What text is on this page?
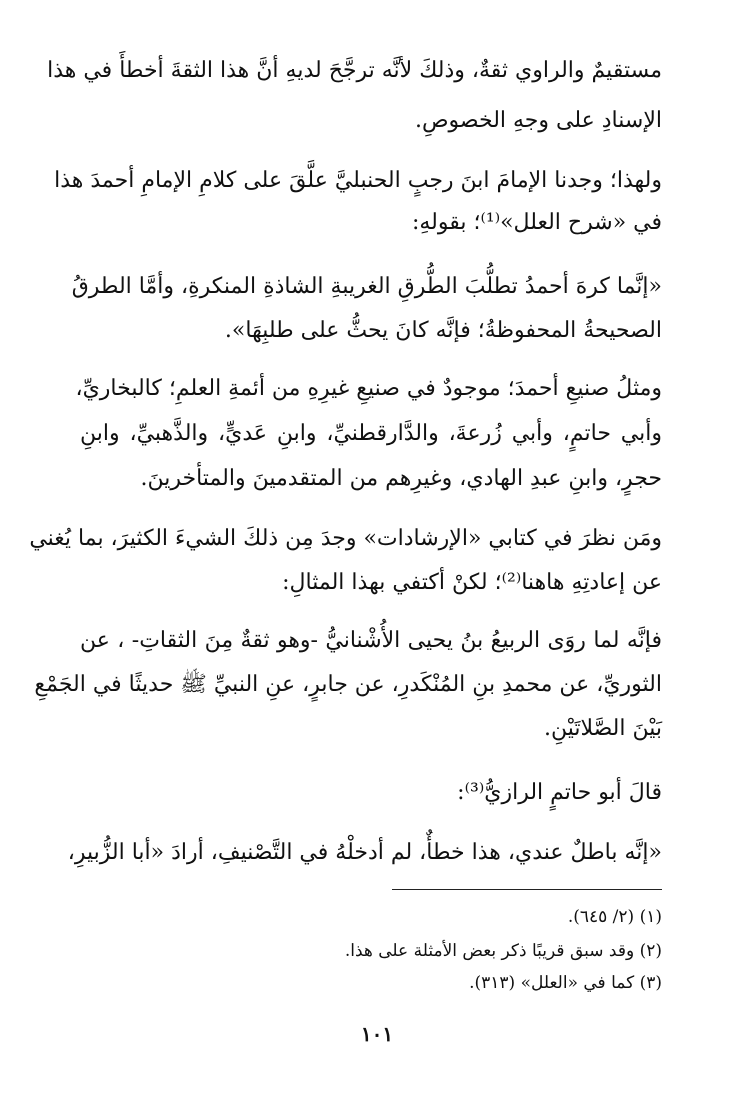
مستقيمٌ والراوي ثقةٌ، وذلكَ لأنَّه ترجَّحَ لديهِ أنَّ هذا الثقةَ أخطأَ في هذا
الإسنادِ على وجهِ الخصوصِ.
ولهذا؛ وجدنا الإمامَ ابنَ رجبٍ الحنبليَّ علَّقَ على كلامِ الإمامِ أحمدَ هذا
في «شرح العلل»⁽¹⁾؛ بقولهِ:
«إنَّما كرهَ أحمدُ تطلُّبَ الطُّرقِ الغريبةِ الشاذةِ المنكرةِ، وأمَّا الطرقُ
الصحيحةُ المحفوظةُ؛ فإنَّه كانَ يحثُّ على طلبِهَا».
ومثلُ صنيعِ أحمدَ؛ موجودٌ في صنيعِ غيرِهِ من أئمةِ العلمِ؛ كالبخاريِّ،
وأبي حاتمٍ، وأبي زُرعةَ، والدَّارقطنيِّ، وابنِ عَديٍّ، والذَّهبيِّ، وابنِ
حجرٍ، وابنِ عبدِ الهادي، وغيرِهم من المتقدمينَ والمتأخرينَ.
ومَن نظرَ في كتابي «الإرشادات» وجدَ مِن ذلكَ الشيءَ الكثيرَ، بما يُغني
عن إعادتِهِ هاهنا⁽²⁾؛ لكنْ أكتفي بهذا المثالِ:
فإنَّه لما روَى الربيعُ بنُ يحيى الأُشْنانيُّ -وهو ثقةٌ مِنَ الثقاتِ- ، عن
الثوريِّ، عن محمدِ بنِ المُنْكَدرِ، عن جابرٍ، عنِ النبيِّ ﷺ حديثًا في الجَمْعِ
بَيْنَ الصَّلاتَيْنِ.
قالَ أبو حاتمٍ الرازيُّ⁽³⁾:
«إنَّه باطلٌ عندي، هذا خطأٌ، لم أدخلْهُ في التَّصْنيفِ، أرادَ «أبا الزُّبيرِ،
(١) (٢/ ٦٤٥).
(٢) وقد سبق قريبًا ذكر بعض الأمثلة على هذا.
(٣) كما في «العلل» (٣١٣).
١٠١
